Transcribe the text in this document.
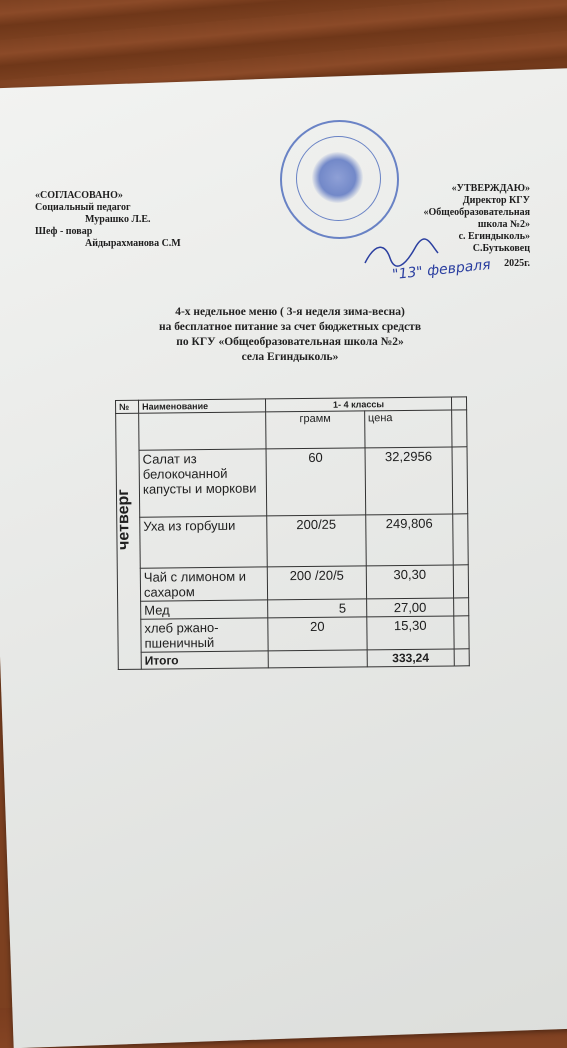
«СОГЛАСОВАНО»
Социальный педагог
Мурашко Л.Е.
Шеф - повар
Айдырахманова С.М
«УТВЕРЖДАЮ»
Директор КГУ
«Общеобразовательная
школа №2»
с. Егиндыколь»
С.Бутьковец
2025г.
"13" февраля
4-х недельное меню ( 3-я неделя зима-весна)
на бесплатное питание за счет бюджетных средств
по КГУ «Общеобразовательная школа №2»
села Егиндыколь»
№	Наименование	1- 4 классы		

четверг		грамм	цена	
	Салат из белокочанной капусты и моркови	60	32,2956	
	Уха из горбуши	200/25	249,806	
	Чай с лимоном и сахаром	200 /20/5	30,30	
	Мед	5	27,00	
	хлеб ржано-пшеничный	20	15,30	
	Итого		333,24	
